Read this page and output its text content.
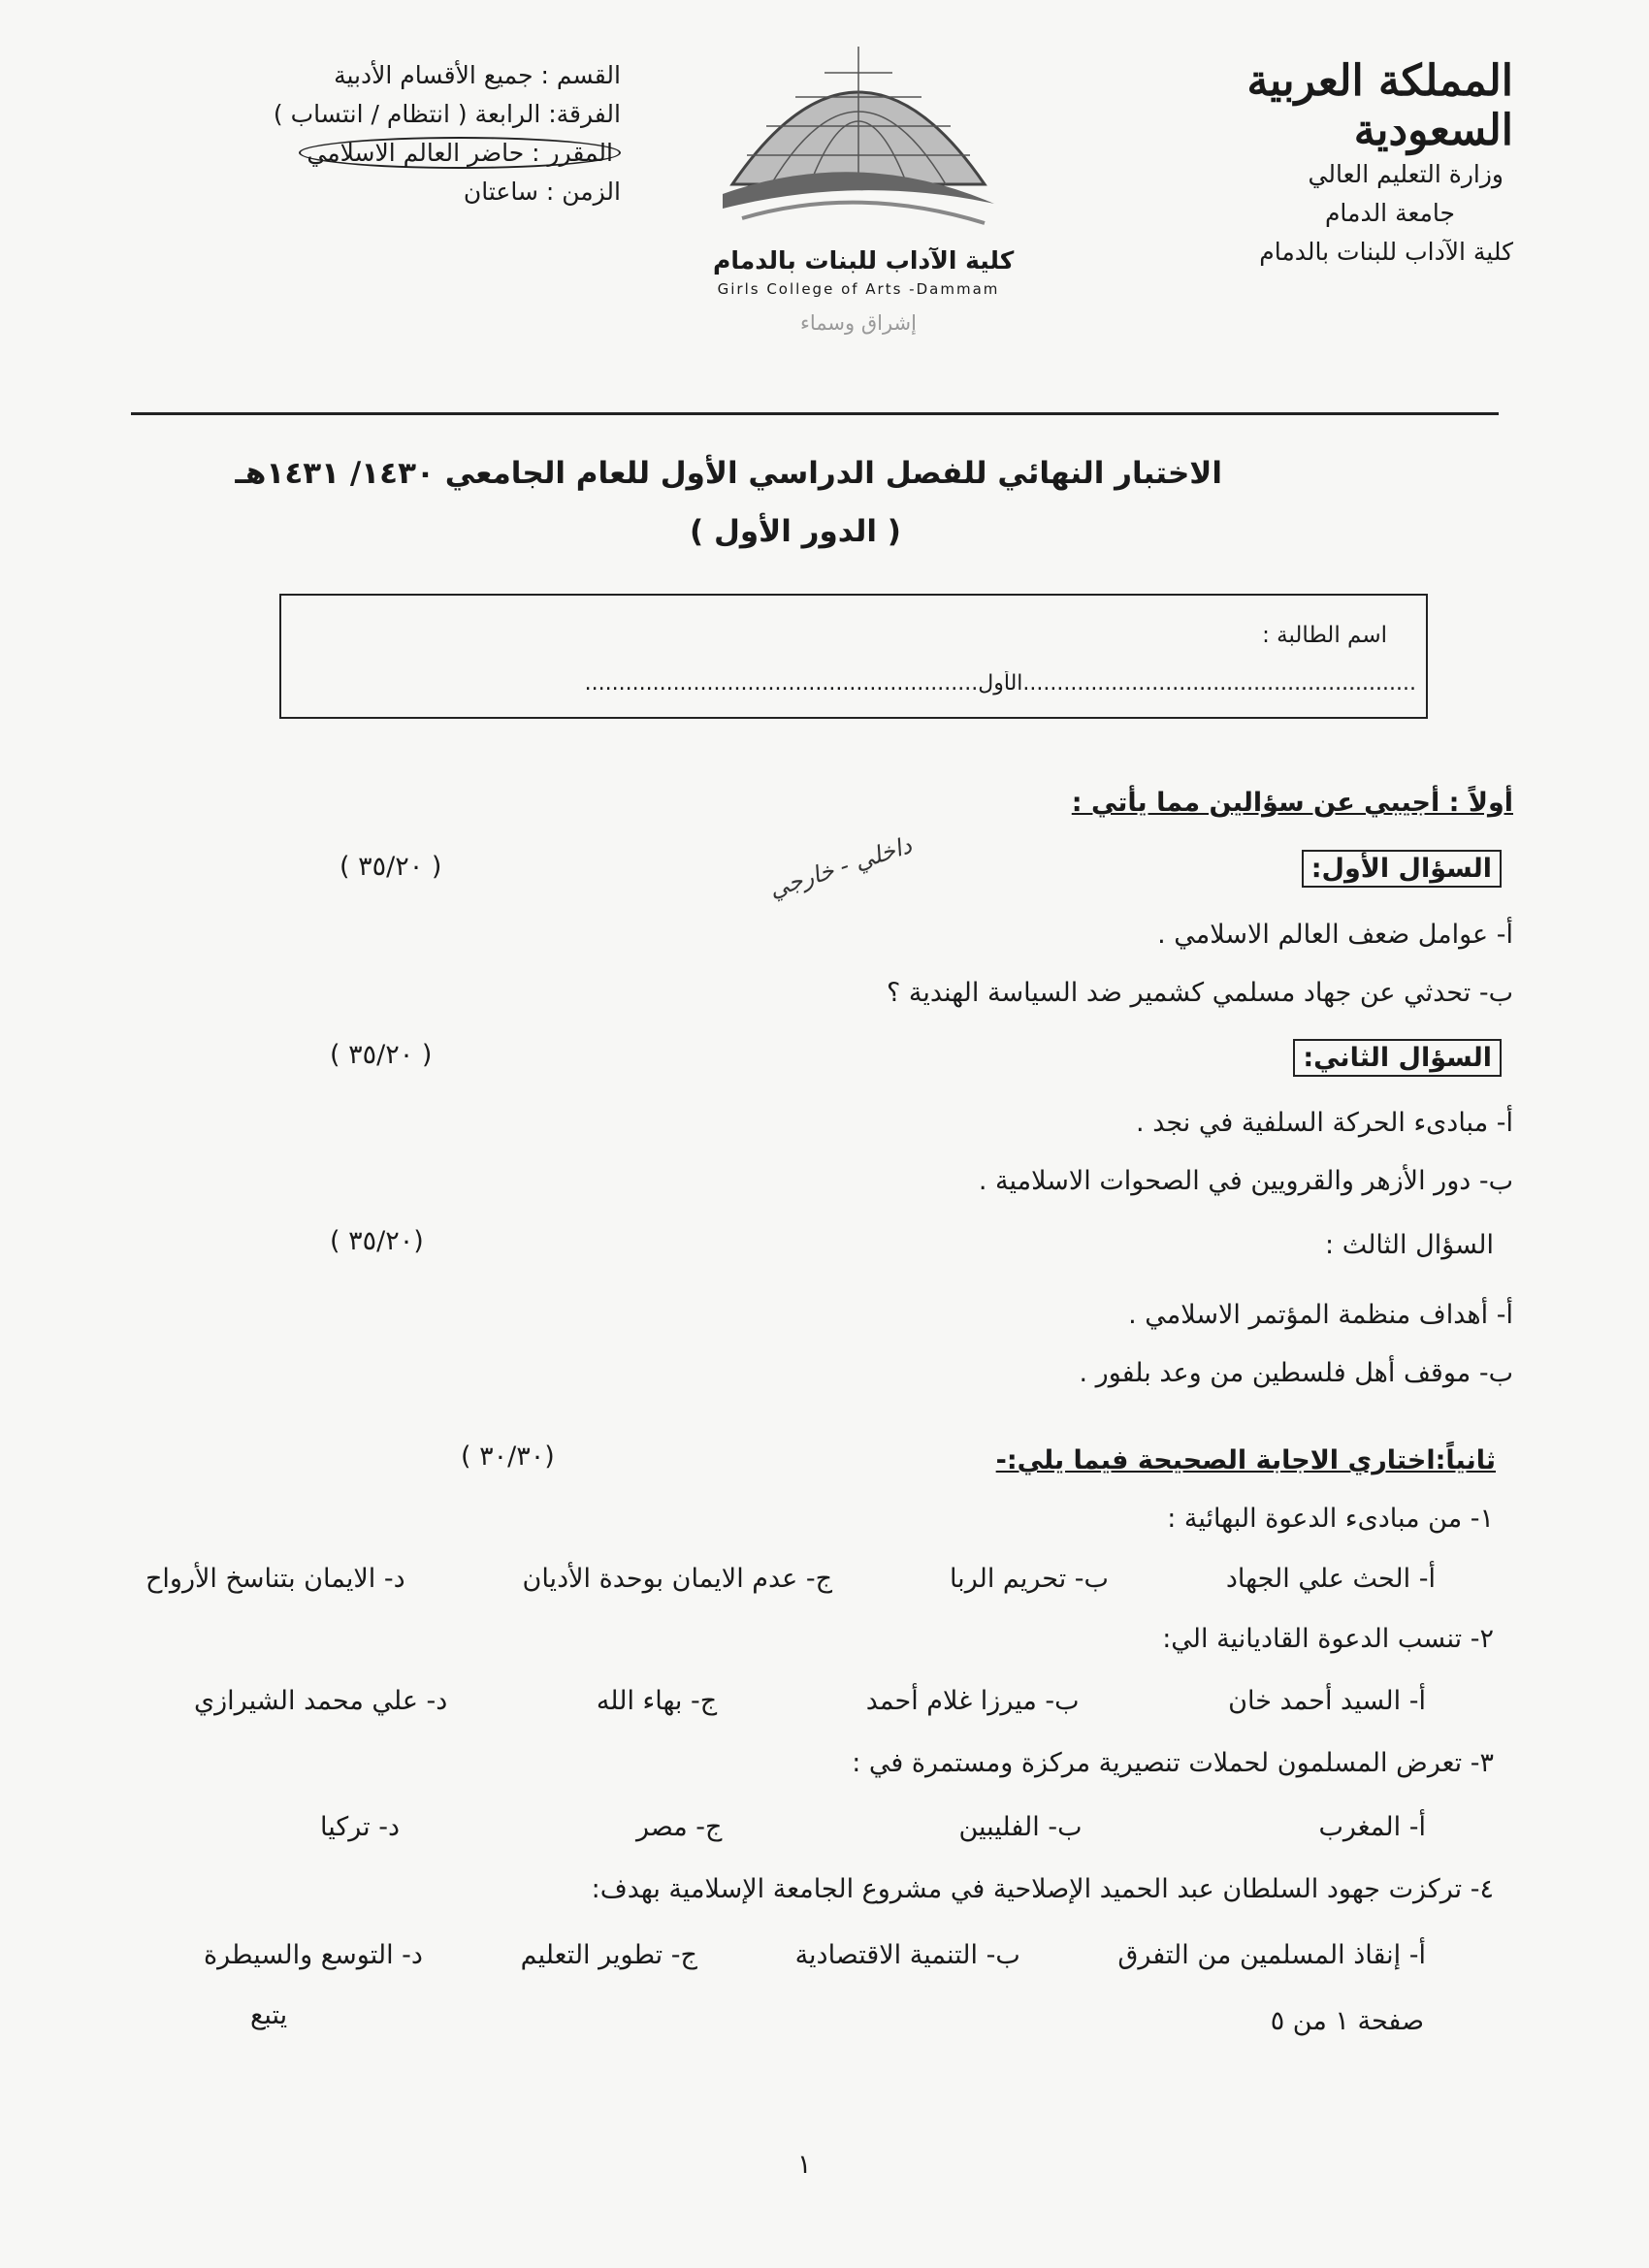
المملكة العربية السعودية
وزارة التعليم العالي
جامعة الدمام
كلية الآداب للبنات بالدمام
كلية الآداب للبنات بالدمام
Girls College of Arts -Dammam
إشراق وسماء
القسم : جميع الأقسام الأدبية
الفرقة: الرابعة ( انتظام / انتساب )
المقرر : حاضر العالم الاسلامي
الزمن : ساعتان
الاختبار النهائي للفصل الدراسي الأول للعام الجامعي ١٤٣٠/ ١٤٣١هـ
( الدور الأول )
اسم الطالبة :
..........................................................الأول..........................................................
أولاً : أجيبي عن سؤالين مما يأتي :
السؤال الأول:
( ٣٥/٢٠ )	داخلي - خارجي
أ- عوامل ضعف العالم الاسلامي .
ب- تحدثي عن جهاد مسلمي كشمير ضد السياسة الهندية ؟
السؤال الثاني:
( ٣٥/٢٠ )
أ- مبادىء الحركة السلفية في نجد .
ب- دور الأزهر والقرويين في الصحوات الاسلامية .
السؤال الثالث :
(٣٥/٢٠ )
أ- أهداف منظمة المؤتمر الاسلامي .
ب- موقف أهل فلسطين من وعد بلفور .
ثانياً:اختاري الاجابة الصحيحة فيما يلي:-
(٣٠/٣٠ )
١- من مبادىء الدعوة البهائية :
أ- الحث علي الجهاد
ب- تحريم الربا
ج- عدم الايمان بوحدة الأديان
د- الايمان بتناسخ الأرواح
٢- تنسب الدعوة القاديانية الي:
أ- السيد أحمد خان
ب- ميرزا غلام أحمد
ج- بهاء الله
د- علي محمد الشيرازي
٣- تعرض المسلمون لحملات تنصيرية مركزة ومستمرة في :
أ- المغرب
ب- الفليبين
ج- مصر
د- تركيا
٤- تركزت جهود السلطان عبد الحميد الإصلاحية في مشروع الجامعة الإسلامية بهدف:
أ- إنقاذ المسلمين من التفرق
ب- التنمية الاقتصادية
ج- تطوير التعليم
د- التوسع والسيطرة
صفحة ١ من ٥
يتبع
١
